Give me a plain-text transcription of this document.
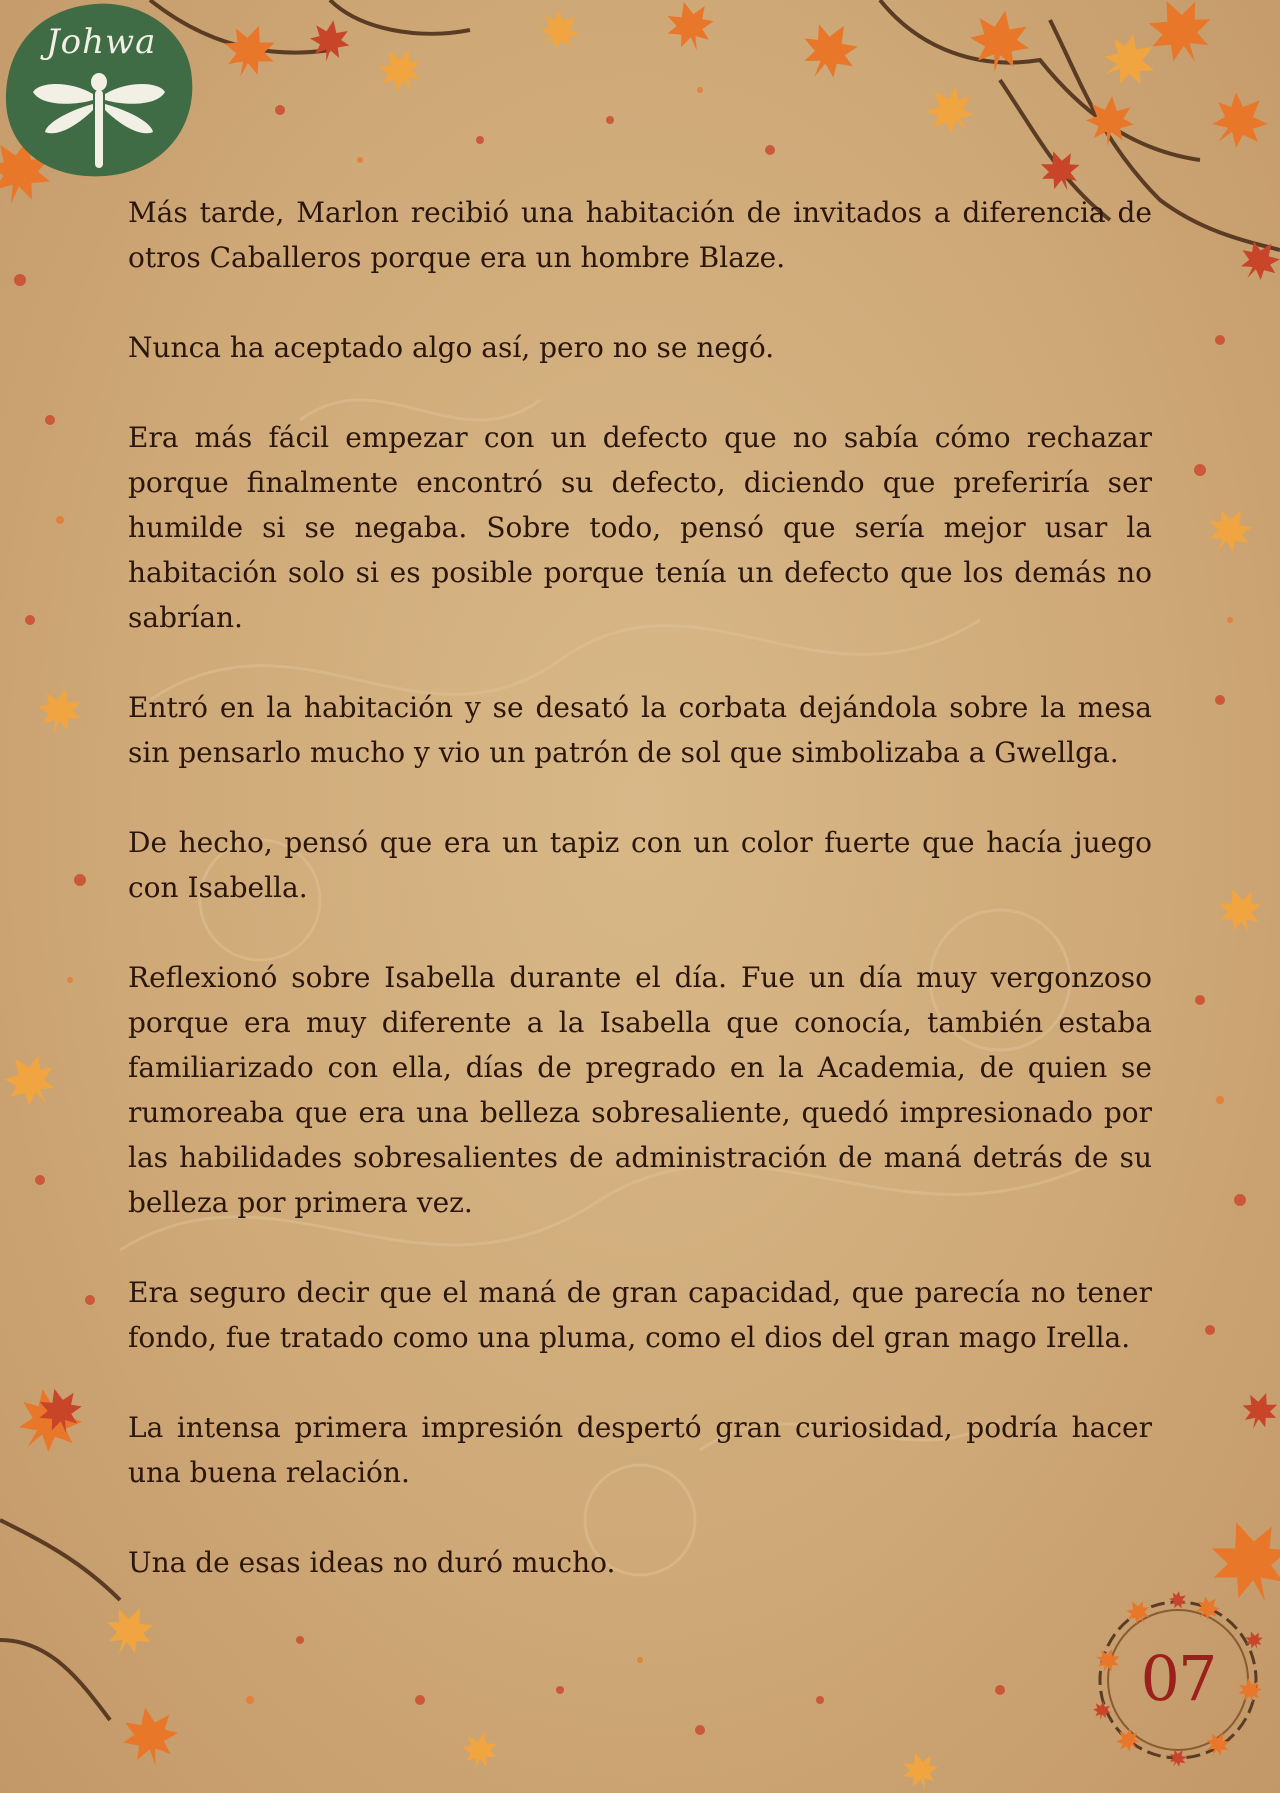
Johwa

Más tarde, Marlon recibió una habitación de invitados a diferencia de otros Caballeros porque era un hombre Blaze.

Nunca ha aceptado algo así, pero no se negó.

Era más fácil empezar con un defecto que no sabía cómo rechazar porque finalmente encontró su defecto, diciendo que preferiría ser humilde si se negaba. Sobre todo, pensó que sería mejor usar la habitación solo si es posible porque tenía un defecto que los demás no sabrían.

Entró en la habitación y se desató la corbata dejándola sobre la mesa sin pensarlo mucho y vio un patrón de sol que simbolizaba a Gwellga.

De hecho, pensó que era un tapiz con un color fuerte que hacía juego con Isabella.

Reflexionó sobre Isabella durante el día. Fue un día muy vergonzoso porque era muy diferente a la Isabella que conocía, también estaba familiarizado con ella, días de pregrado en la Academia, de quien se rumoreaba que era una belleza sobresaliente, quedó impresionado por las habilidades sobresalientes de administración de maná detrás de su belleza por primera vez.

Era seguro decir que el maná de gran capacidad, que parecía no tener fondo, fue tratado como una pluma, como el dios del gran mago Irella.

La intensa primera impresión despertó gran curiosidad, podría hacer una buena relación.

Una de esas ideas no duró mucho.

07
